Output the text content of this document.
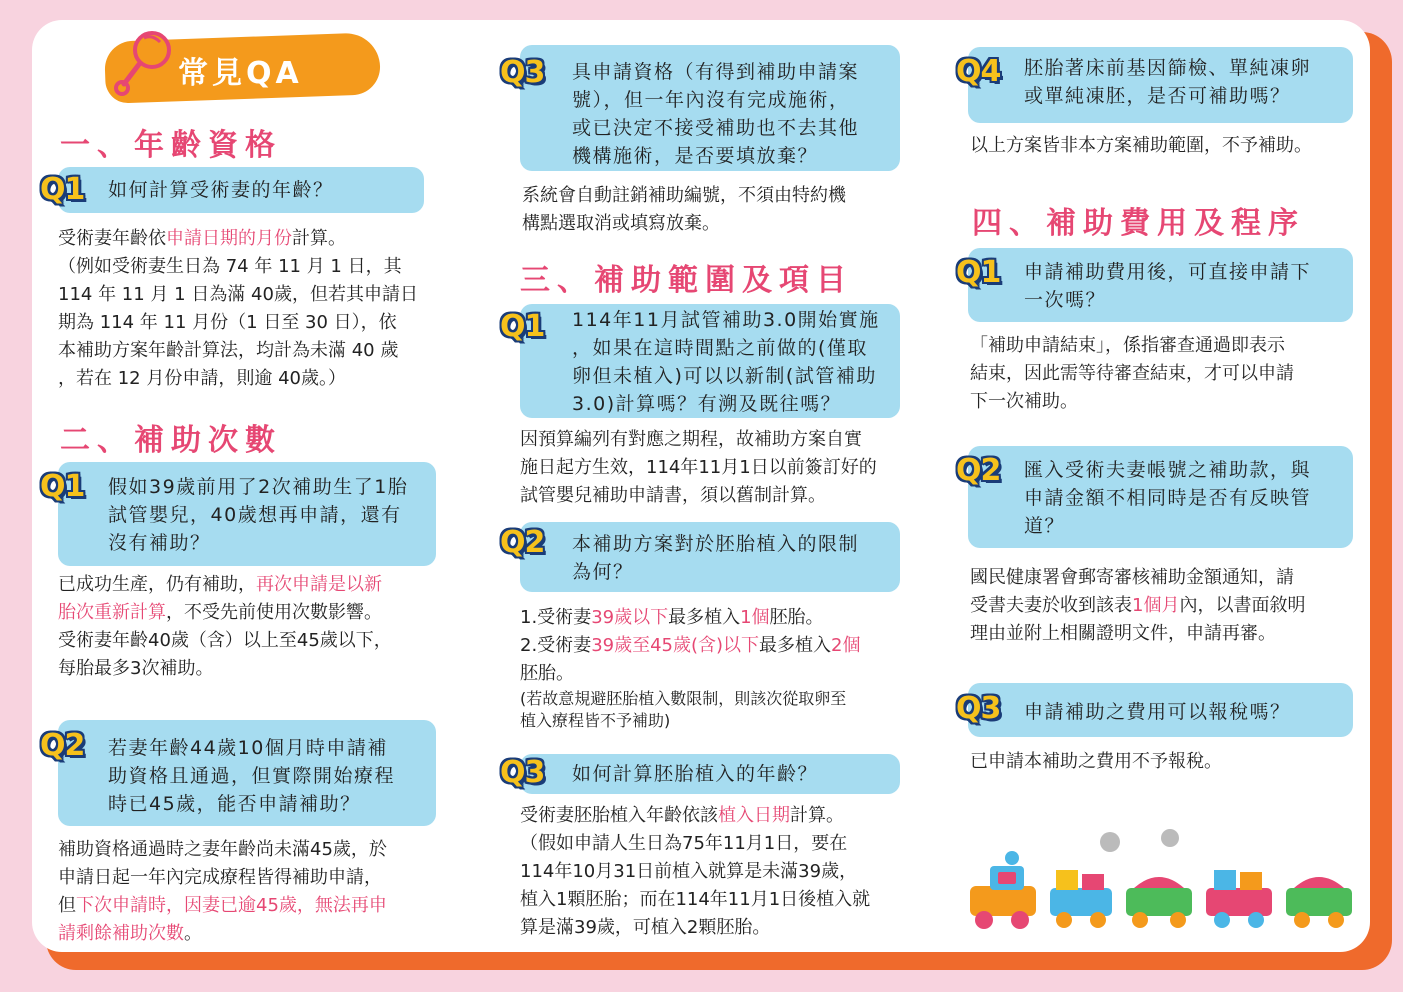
常見QA
一、年齡資格
Q1 如何計算受術妻的年齡？
受術妻年齡依申請日期的月份計算。
（例如受術妻生日為 74 年 11 月 1 日，其
114 年 11 月 1 日為滿 40歲，但若其申請日
期為 114 年 11 月份（1 日至 30 日），依
本補助方案年齡計算法，均計為未滿 40 歲
，若在 12 月份申請，則逾 40歲。）
二、補助次數
Q1 假如39歲前用了2次補助生了1胎
試管嬰兒，40歲想再申請，還有
沒有補助？
已成功生產，仍有補助，再次申請是以新
胎次重新計算，不受先前使用次數影響。
受術妻年齡40歲（含）以上至45歲以下，
每胎最多3次補助。
Q2 若妻年齡44歲10個月時申請補
助資格且通過，但實際開始療程
時已45歲，能否申請補助？
補助資格通過時之妻年齡尚未滿45歲，於
申請日起一年內完成療程皆得補助申請，
但下次申請時，因妻已逾45歲，無法再申
請剩餘補助次數。
Q3 具申請資格（有得到補助申請案
號），但一年內沒有完成施術，
或已決定不接受補助也不去其他
機構施術，是否要填放棄？
系統會自動註銷補助編號，不須由特約機
構點選取消或填寫放棄。
三、補助範圍及項目
Q1 114年11月試管補助3.0開始實施
，如果在這時間點之前做的(僅取
卵但未植入)可以以新制(試管補助
3.0)計算嗎？有溯及既往嗎？
因預算編列有對應之期程，故補助方案自實
施日起方生效，114年11月1日以前簽訂好的
試管嬰兒補助申請書，須以舊制計算。
Q2 本補助方案對於胚胎植入的限制
為何？
1.受術妻39歲以下最多植入1個胚胎。
2.受術妻39歲至45歲(含)以下最多植入2個
胚胎。
(若故意規避胚胎植入數限制，則該次從取卵至
植入療程皆不予補助)
Q3 如何計算胚胎植入的年齡？
受術妻胚胎植入年齡依該植入日期計算。
（假如申請人生日為75年11月1日，要在
114年10月31日前植入就算是未滿39歲，
植入1顆胚胎；而在114年11月1日後植入就
算是滿39歲，可植入2顆胚胎。
Q4 胚胎著床前基因篩檢、單純凍卵
或單純凍胚，是否可補助嗎？
以上方案皆非本方案補助範圍，不予補助。
四、補助費用及程序
Q1 申請補助費用後，可直接申請下
一次嗎？
「補助申請結束」，係指審查通過即表示
結束，因此需等待審查結束，才可以申請
下一次補助。
Q2 匯入受術夫妻帳號之補助款，與
申請金額不相同時是否有反映管
道？
國民健康署會郵寄審核補助金額通知，請
受書夫妻於收到該表1個月內，以書面敘明
理由並附上相關證明文件，申請再審。
Q3 申請補助之費用可以報稅嗎？
已申請本補助之費用不予報稅。
